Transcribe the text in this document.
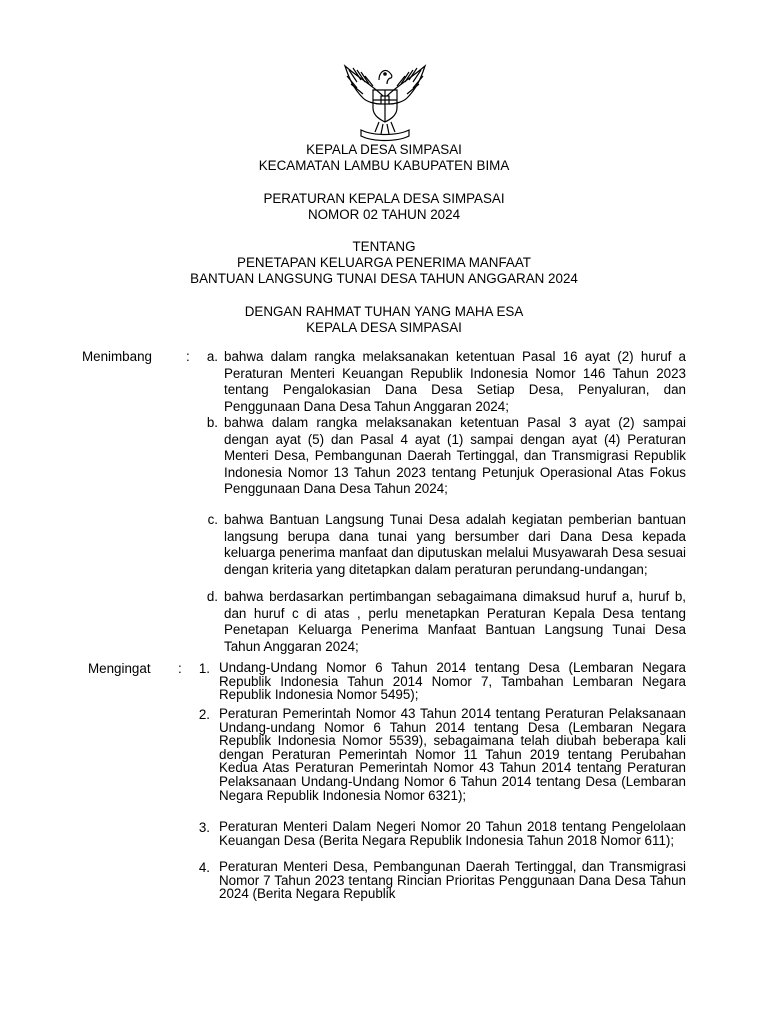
KEPALA DESA SIMPASAI
KECAMATAN LAMBU KABUPATEN BIMA
PERATURAN KEPALA DESA SIMPASAI
NOMOR 02 TAHUN 2024
TENTANG
PENETAPAN KELUARGA PENERIMA MANFAAT
BANTUAN LANGSUNG TUNAI DESA TAHUN ANGGARAN 2024
DENGAN RAHMAT TUHAN YANG MAHA ESA
KEPALA DESA SIMPASAI
Menimbang	:	a. bahwa dalam rangka melaksanakan ketentuan Pasal 16 ayat (2) huruf a Peraturan Menteri Keuangan Republik Indonesia Nomor 146 Tahun 2023 tentang Pengalokasian Dana Desa Setiap Desa, Penyaluran, dan Penggunaan Dana Desa Tahun Anggaran 2024;
b. bahwa dalam rangka melaksanakan ketentuan Pasal 3 ayat (2) sampai dengan ayat (5) dan Pasal 4 ayat (1) sampai dengan ayat (4) Peraturan Menteri Desa, Pembangunan Daerah Tertinggal, dan Transmigrasi Republik Indonesia Nomor 13 Tahun 2023 tentang Petunjuk Operasional Atas Fokus Penggunaan Dana Desa Tahun 2024;
c. bahwa Bantuan Langsung Tunai Desa adalah kegiatan pemberian bantuan langsung berupa dana tunai yang bersumber dari Dana Desa kepada keluarga penerima manfaat dan diputuskan melalui Musyawarah Desa sesuai dengan kriteria yang ditetapkan dalam peraturan perundang-undangan;
d. bahwa berdasarkan pertimbangan sebagaimana dimaksud huruf a, huruf b, dan huruf c di atas , perlu menetapkan Peraturan Kepala Desa tentang Penetapan Keluarga Penerima Manfaat Bantuan Langsung Tunai Desa Tahun Anggaran 2024;
Mengingat :	1. Undang-Undang Nomor 6 Tahun 2014 tentang Desa (Lembaran Negara Republik Indonesia Tahun 2014 Nomor 7, Tambahan Lembaran Negara Republik Indonesia Nomor 5495);
2. Peraturan Pemerintah Nomor 43 Tahun 2014 tentang Peraturan Pelaksanaan Undang-undang Nomor 6 Tahun 2014 tentang Desa (Lembaran Negara Republik Indonesia Nomor 5539), sebagaimana telah diubah beberapa kali dengan Peraturan Pemerintah Nomor 11 Tahun 2019 tentang Perubahan Kedua Atas Peraturan Pemerintah Nomor 43 Tahun 2014 tentang Peraturan Pelaksanaan Undang-Undang Nomor 6 Tahun 2014 tentang Desa (Lembaran Negara Republik Indonesia Nomor 6321);
3. Peraturan Menteri Dalam Negeri Nomor 20 Tahun 2018 tentang Pengelolaan Keuangan Desa (Berita Negara Republik Indonesia Tahun 2018 Nomor 611);
4. Peraturan Menteri Desa, Pembangunan Daerah Tertinggal, dan Transmigrasi Nomor 7 Tahun 2023 tentang Rincian Prioritas Penggunaan Dana Desa Tahun 2024 (Berita Negara Republik
